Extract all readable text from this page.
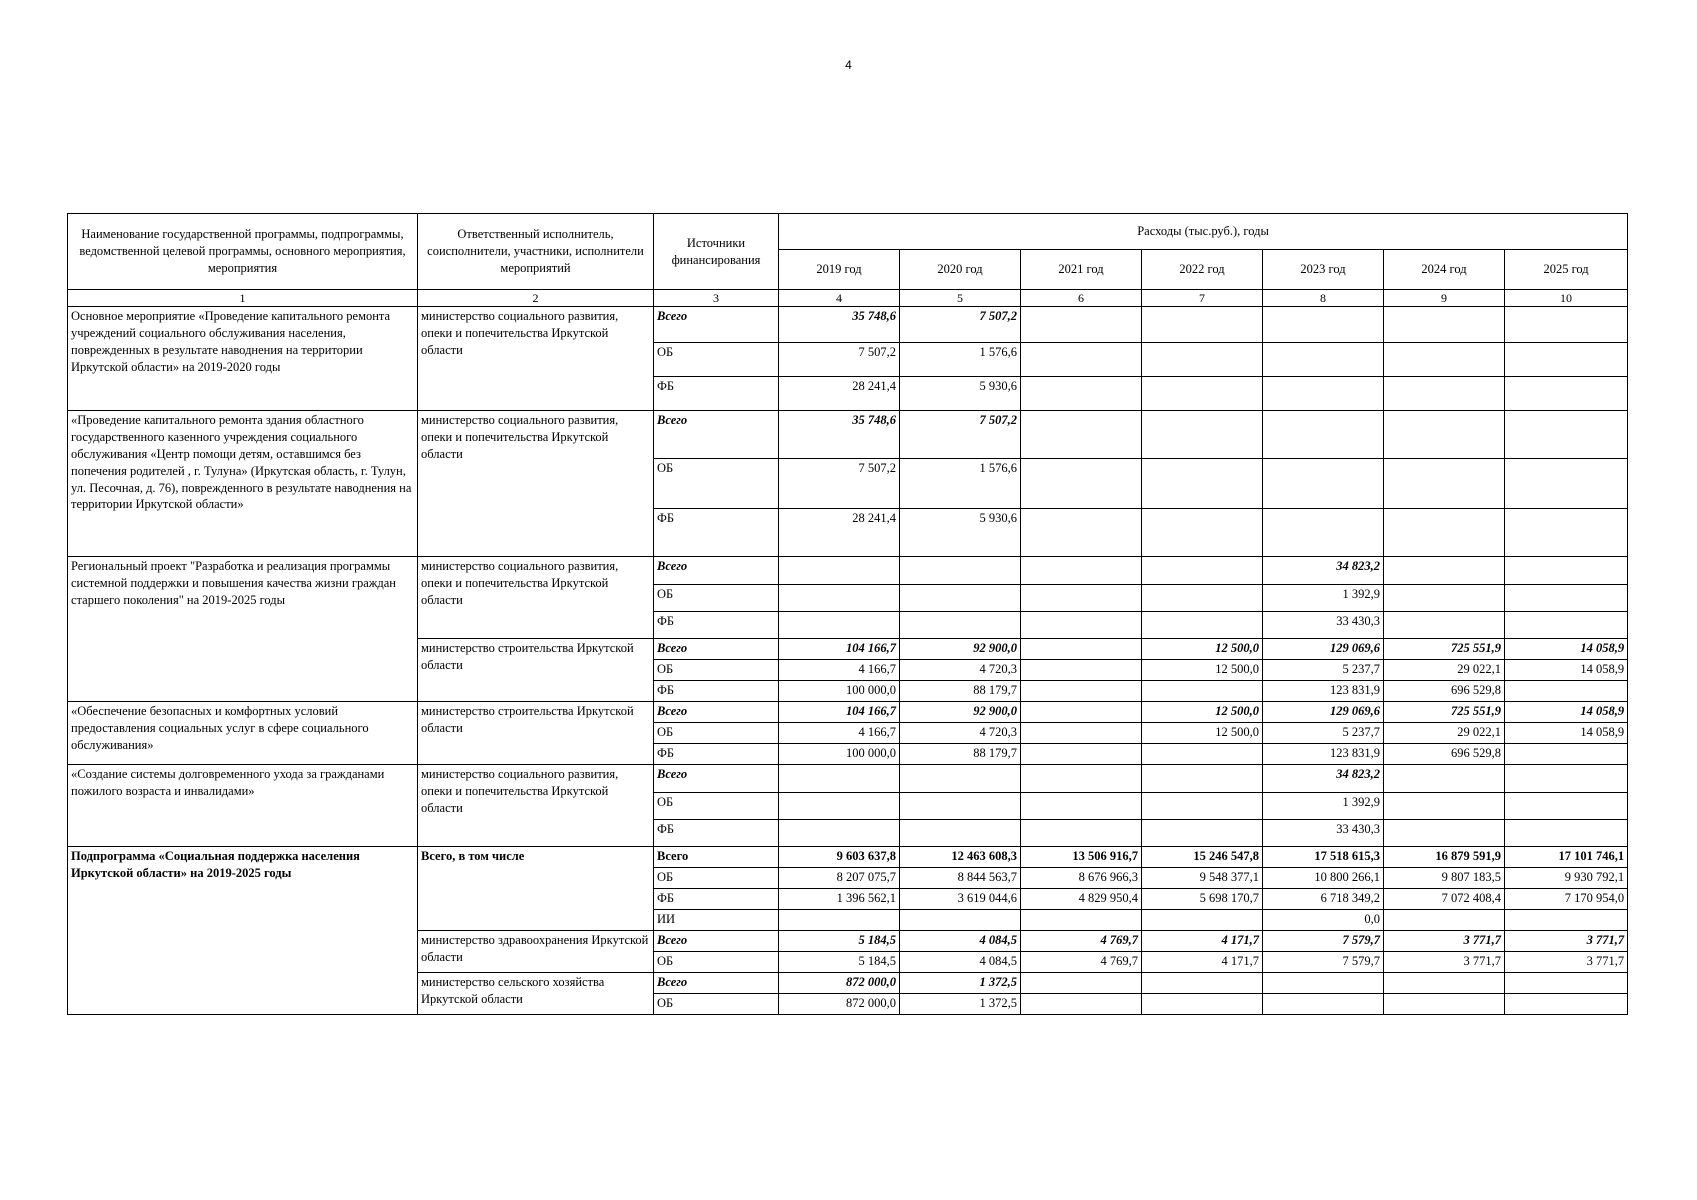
4
Наименование государственной программы, подпрограммы, ведомственной целевой программы, основного мероприятия, мероприятия	Ответственный исполнитель, соисполнители, участники, исполнители мероприятий	Источники финансирования	Расходы (тыс.руб.), годы						
			2019 год	2020 год	2021 год	2022 год	2023 год	2024 год	2025 год
1	2	3	4	5	6	7	8	9	10
Основное мероприятие «Проведение капитального ремонта учреждений социального обслуживания населения, поврежденных в результате наводнения на территории Иркутской области» на 2019-2020 годы	министерство социального развития, опеки и попечительства Иркутской области	Всего	35 748,6	7 507,2					
		ОБ	7 507,2	1 576,6					
		ФБ	28 241,4	5 930,6					
«Проведение капитального ремонта здания областного государственного казенного учреждения социального обслуживания «Центр помощи детям, оставшимся без попечения родителей , г. Тулуна» (Иркутская область, г. Тулун, ул. Песочная, д. 76), поврежденного в результате наводнения на территории Иркутской области»	министерство социального развития, опеки и попечительства Иркутской области	Всего	35 748,6	7 507,2					
		ОБ	7 507,2	1 576,6					
		ФБ	28 241,4	5 930,6					
Региональный проект "Разработка и реализация программы системной поддержки и повышения качества жизни граждан старшего поколения" на 2019-2025 годы	министерство социального развития, опеки и попечительства Иркутской области	Всего					34 823,2		
		ОБ					1 392,9		
		ФБ					33 430,3		
	министерство строительства Иркутской области	Всего	104 166,7	92 900,0		12 500,0	129 069,6	725 551,9	14 058,9
		ОБ	4 166,7	4 720,3		12 500,0	5 237,7	29 022,1	14 058,9
		ФБ	100 000,0	88 179,7			123 831,9	696 529,8	
«Обеспечение безопасных и комфортных условий предоставления социальных услуг в сфере социального обслуживания»	министерство строительства Иркутской области	Всего	104 166,7	92 900,0		12 500,0	129 069,6	725 551,9	14 058,9
		ОБ	4 166,7	4 720,3		12 500,0	5 237,7	29 022,1	14 058,9
		ФБ	100 000,0	88 179,7			123 831,9	696 529,8	
«Создание системы долговременного ухода за гражданами пожилого возраста и инвалидами»	министерство социального развития, опеки и попечительства Иркутской области	Всего					34 823,2		
		ОБ					1 392,9		
		ФБ					33 430,3		
Подпрограмма «Социальная поддержка населения Иркутской области» на 2019-2025 годы	Всего, в том числе	Всего	9 603 637,8	12 463 608,3	13 506 916,7	15 246 547,8	17 518 615,3	16 879 591,9	17 101 746,1
		ОБ	8 207 075,7	8 844 563,7	8 676 966,3	9 548 377,1	10 800 266,1	9 807 183,5	9 930 792,1
		ФБ	1 396 562,1	3 619 044,6	4 829 950,4	5 698 170,7	6 718 349,2	7 072 408,4	7 170 954,0
		ИИ					0,0		
	министерство здравоохранения Иркутской области	Всего	5 184,5	4 084,5	4 769,7	4 171,7	7 579,7	3 771,7	3 771,7
		ОБ	5 184,5	4 084,5	4 769,7	4 171,7	7 579,7	3 771,7	3 771,7
	министерство сельского хозяйства Иркутской области	Всего	872 000,0	1 372,5					
		ОБ	872 000,0	1 372,5					
